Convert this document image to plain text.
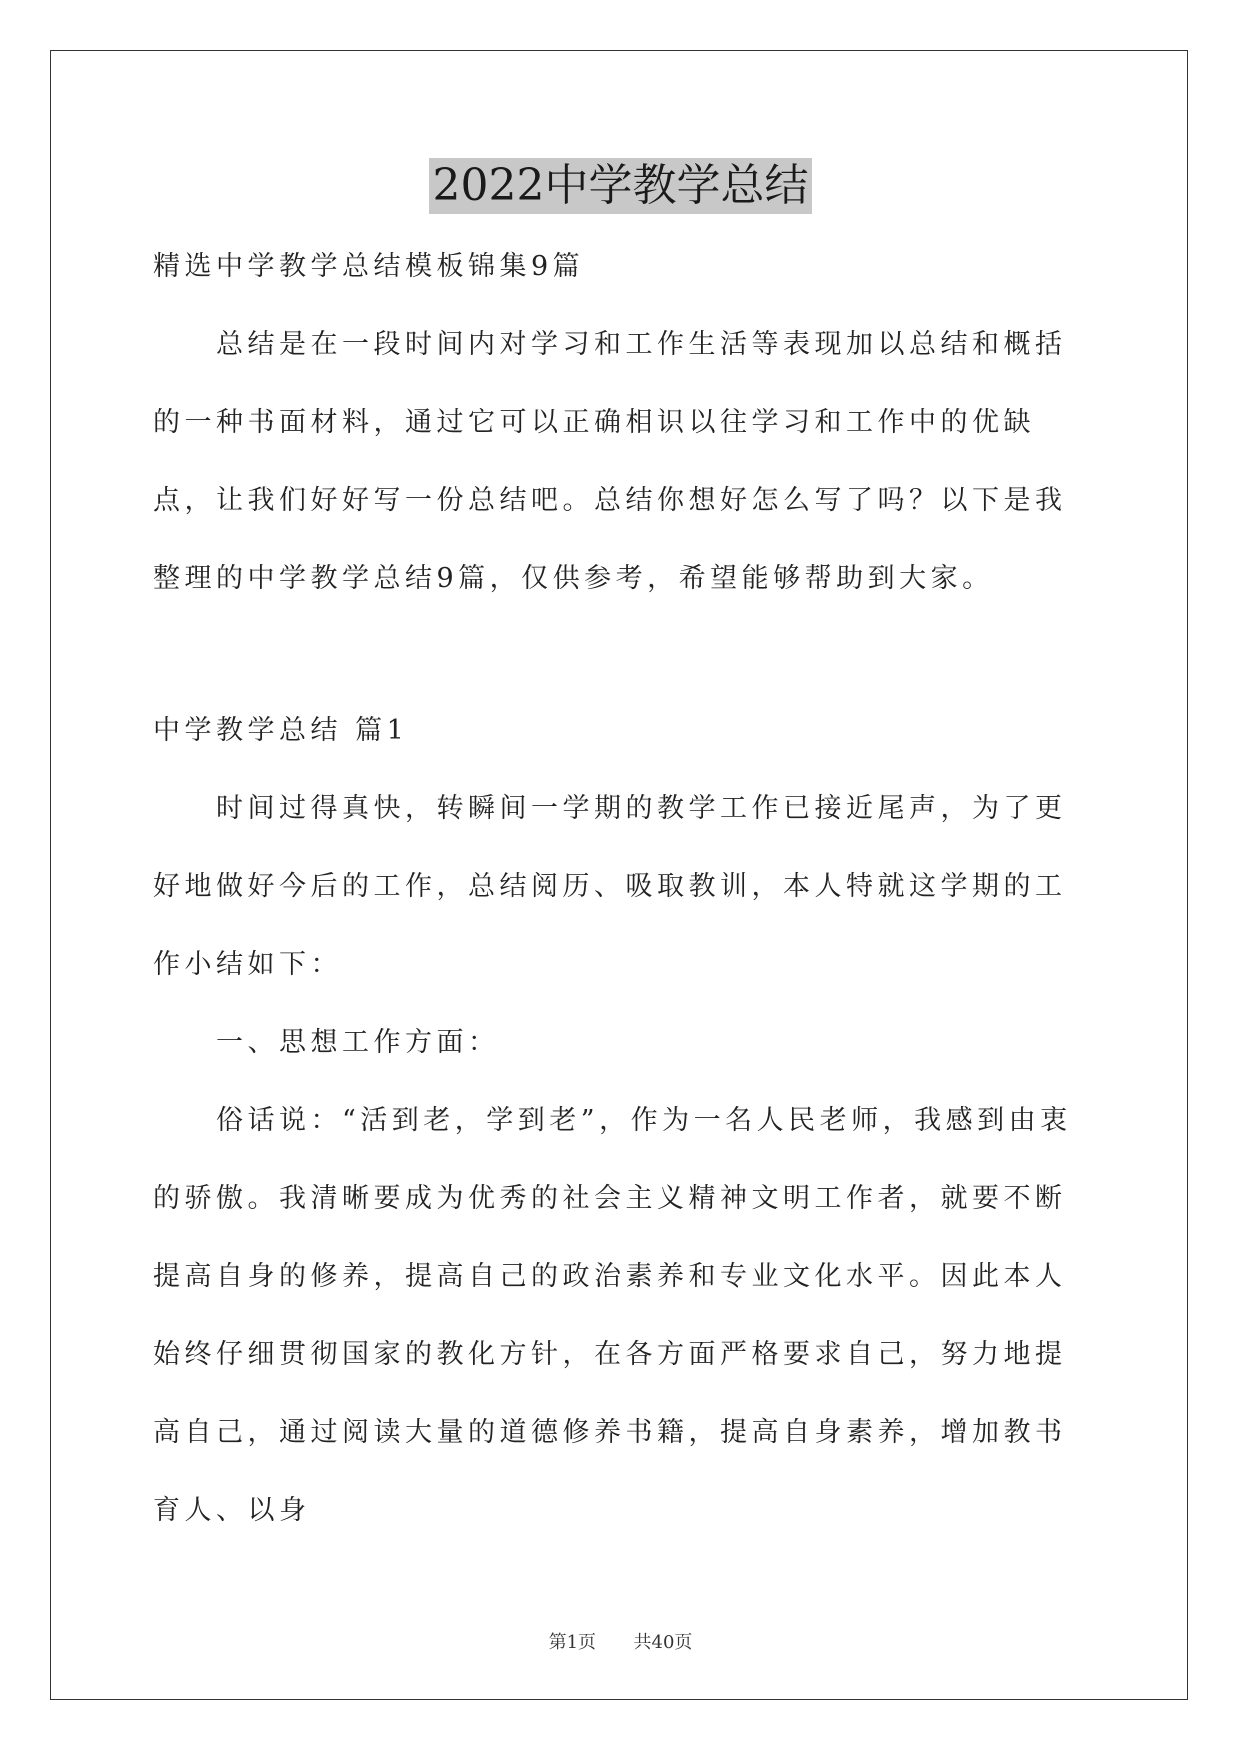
2022中学教学总结

精选中学教学总结模板锦集9篇

总结是在一段时间内对学习和工作生活等表现加以总结和概括的一种书面材料，通过它可以正确相识以往学习和工作中的优缺点，让我们好好写一份总结吧。总结你想好怎么写了吗？以下是我整理的中学教学总结9篇，仅供参考，希望能够帮助到大家。

中学教学总结 篇1

时间过得真快，转瞬间一学期的教学工作已接近尾声，为了更好地做好今后的工作，总结阅历、吸取教训，本人特就这学期的工作小结如下：

一、思想工作方面：

俗话说：“活到老，学到老”，作为一名人民老师，我感到由衷的骄傲。我清晰要成为优秀的社会主义精神文明工作者，就要不断提高自身的修养，提高自己的政治素养和专业文化水平。因此本人始终仔细贯彻国家的教化方针，在各方面严格要求自己，努力地提高自己，通过阅读大量的道德修养书籍，提高自身素养，增加教书育人、以身

第1页 共40页
